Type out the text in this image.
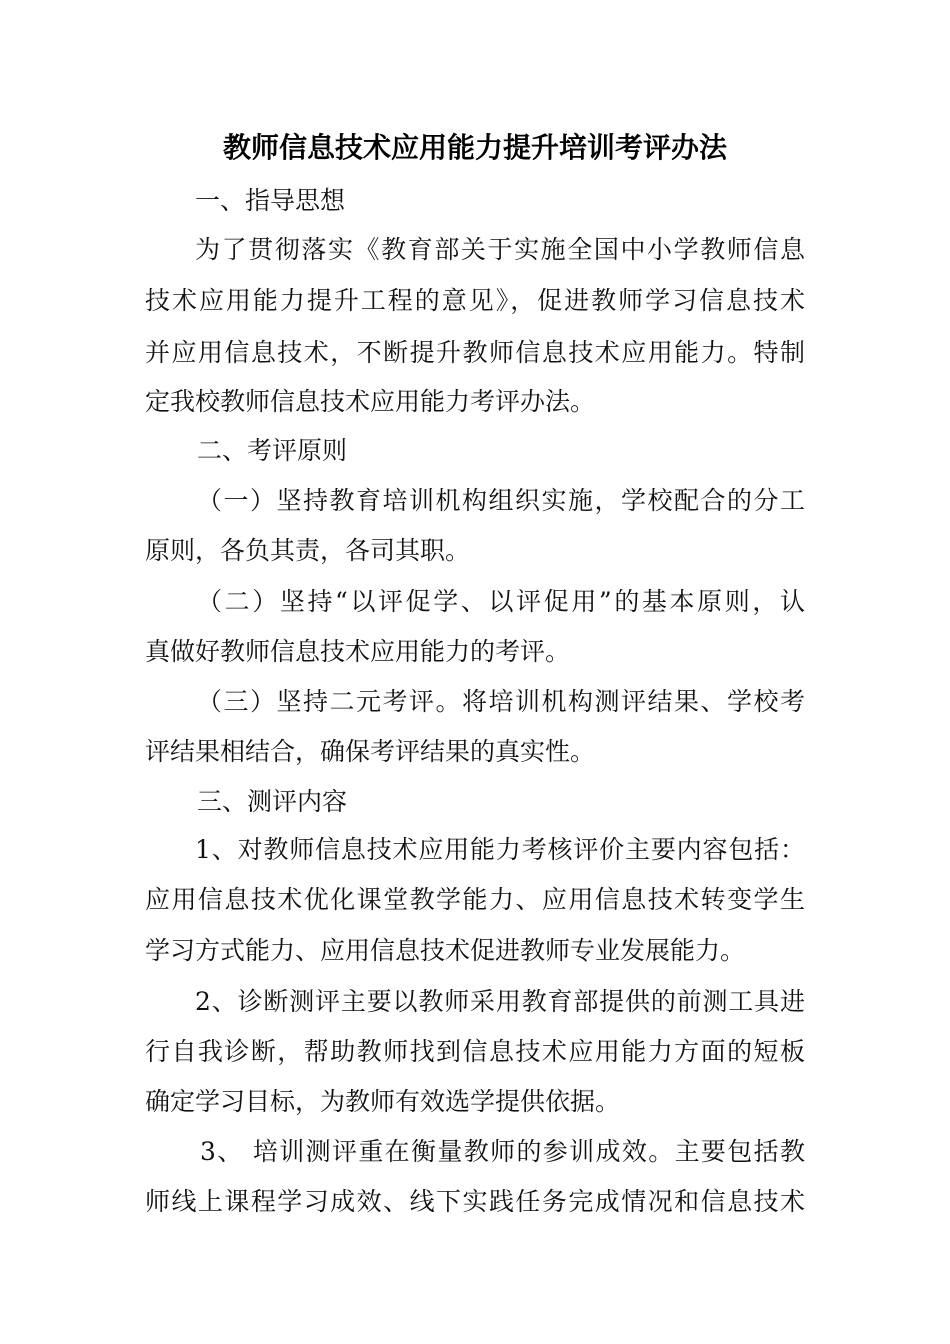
教师信息技术应用能力提升培训考评办法
一、指导思想
为了贯彻落实《教育部关于实施全国中小学教师信息
技术应用能力提升工程的意见》，促进教师学习信息技术
并应用信息技术，不断提升教师信息技术应用能力。特制
定我校教师信息技术应用能力考评办法。
二、考评原则
（一）坚持教育培训机构组织实施，学校配合的分工
原则，各负其责，各司其职。
（二）坚持“以评促学、以评促用”的基本原则，认
真做好教师信息技术应用能力的考评。
（三）坚持二元考评。将培训机构测评结果、学校考
评结果相结合，确保考评结果的真实性。
三、测评内容
1、对教师信息技术应用能力考核评价主要内容包括：
应用信息技术优化课堂教学能力、应用信息技术转变学生
学习方式能力、应用信息技术促进教师专业发展能力。
2、诊断测评主要以教师采用教育部提供的前测工具进
行自我诊断，帮助教师找到信息技术应用能力方面的短板
确定学习目标，为教师有效选学提供依据。
3、 培训测评重在衡量教师的参训成效。主要包括教
师线上课程学习成效、线下实践任务完成情况和信息技术
